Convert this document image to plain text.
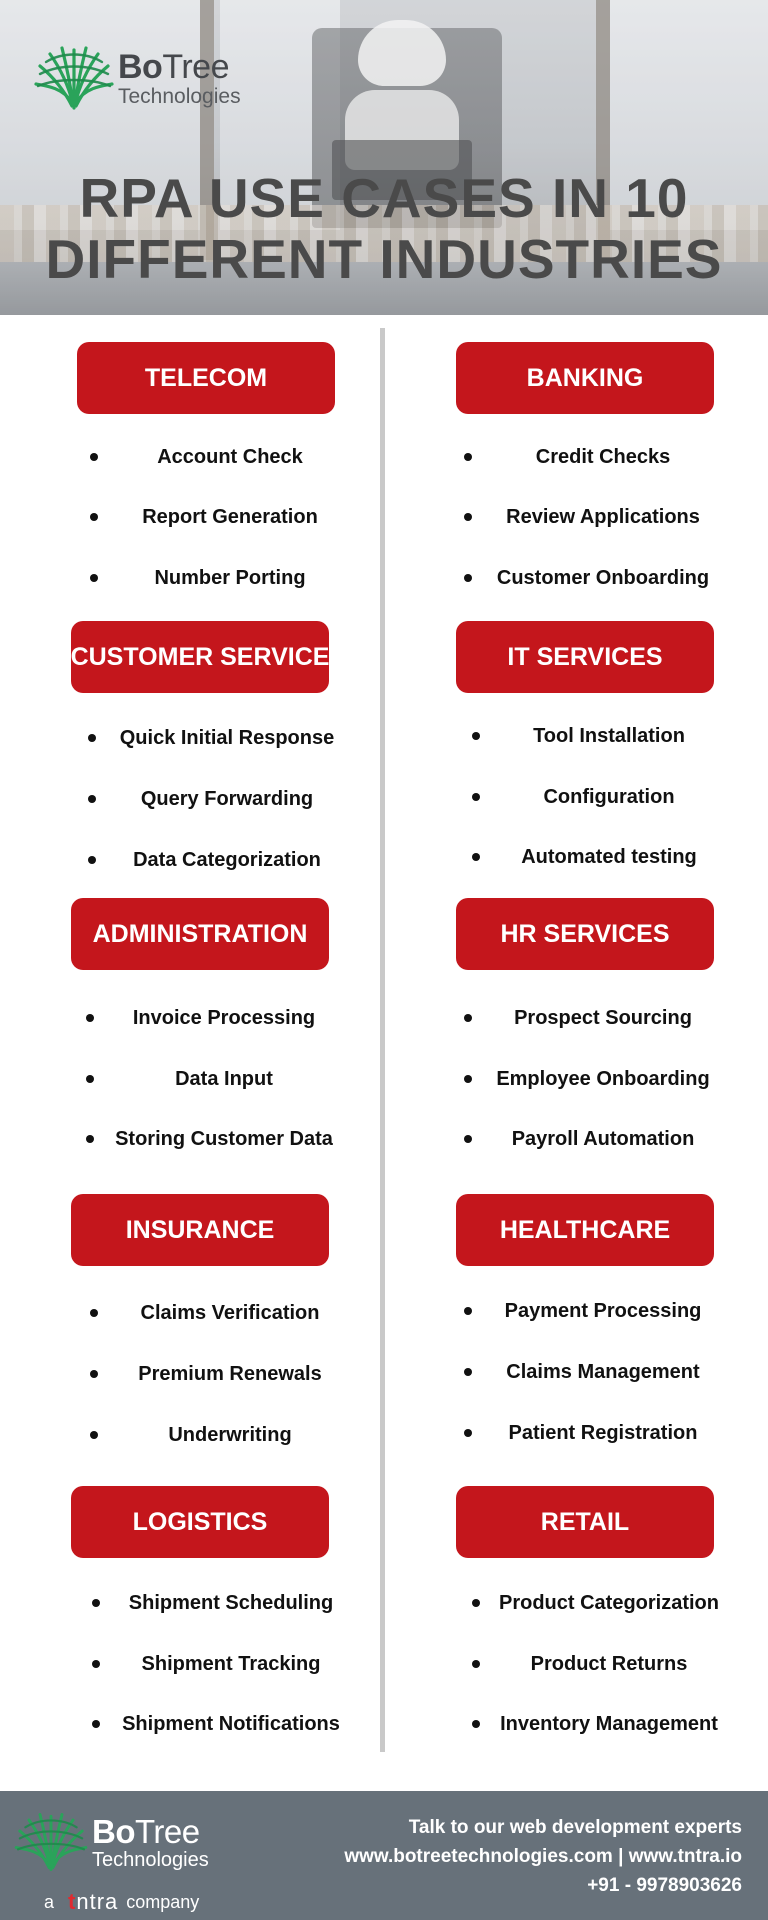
BoTree
Technologies
RPA USE CASES IN 10
DIFFERENT INDUSTRIES
TELECOM
Account Check
Report Generation
Number Porting
BANKING
Credit Checks
Review Applications
Customer Onboarding
CUSTOMER SERVICE
Quick Initial Response
Query Forwarding
Data Categorization
IT SERVICES
Tool Installation
Configuration
Automated testing
ADMINISTRATION
Invoice Processing
Data Input
Storing Customer Data
HR SERVICES
Prospect Sourcing
Employee Onboarding
Payroll Automation
INSURANCE
Claims Verification
Premium Renewals
Underwriting
HEALTHCARE
Payment Processing
Claims Management
Patient Registration
LOGISTICS
Shipment Scheduling
Shipment Tracking
Shipment Notifications
RETAIL
Product Categorization
Product Returns
Inventory Management
BoTree
Technologies
a tntra company
Talk to our web development experts
www.botreetechnologies.com | www.tntra.io
+91 - 9978903626
